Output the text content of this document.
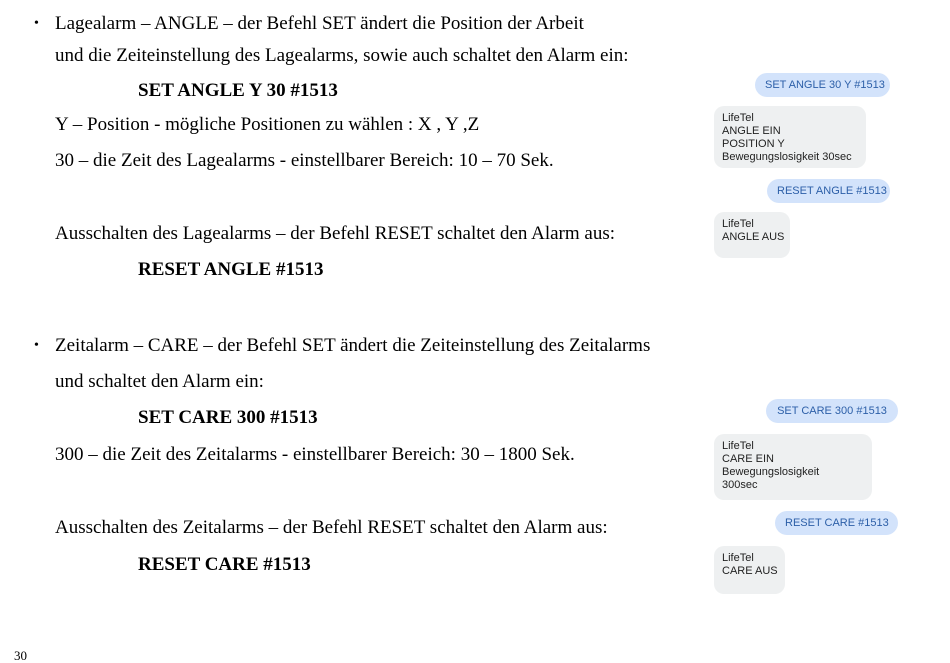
• Lagealarm – ANGLE – der Befehl SET ändert die Position der Arbeit
und die Zeiteinstellung des Lagealarms, sowie auch schaltet den Alarm ein:
SET ANGLE Y 30 #1513
Y – Position - mögliche Positionen zu wählen : X , Y ,Z
30 – die Zeit des Lagealarms - einstellbarer Bereich: 10 – 70 Sek.
Ausschalten des Lagealarms – der Befehl RESET schaltet den Alarm aus:
RESET ANGLE #1513
• Zeitalarm – CARE – der Befehl SET ändert die Zeiteinstellung des Zeitalarms
und schaltet den Alarm ein:
SET CARE 300 #1513
300 – die Zeit des Zeitalarms - einstellbarer Bereich: 30 – 1800 Sek.
Ausschalten des Zeitalarms – der Befehl RESET schaltet den Alarm aus:
RESET CARE #1513
SET ANGLE 30 Y #1513
LifeTel
ANGLE EIN
POSITION Y
Bewegungslosigkeit 30sec
RESET ANGLE #1513
LifeTel
ANGLE AUS
SET CARE 300 #1513
LifeTel
CARE EIN
Bewegungslosigkeit
300sec
RESET CARE #1513
LifeTel
CARE AUS
30
